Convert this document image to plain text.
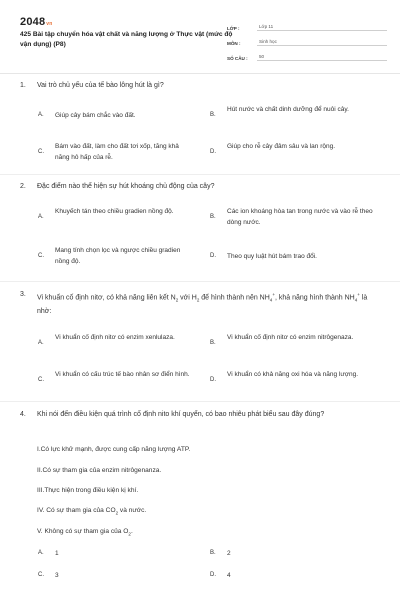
2048vn
425 Bài tập chuyển hóa vật chất và năng lượng ở Thực vật (mức độ vận dụng) (P8)
LỚP :	Lớp 11
MÔN :	Sinh học
SỐ CÂU :	50
1.	Vai trò chủ yếu của tế bào lông hút là gì?
A.	Giúp cây bám chắc vào đất.	B.
Hút nước và chất dinh dưỡng để nuôi cây.
C.
Bám vào đất, làm cho đất tơi xốp, tăng khả năng hô hấp của rễ.
D.
Giúp cho rễ cây đâm sâu và lan rộng.
2.	Đặc điểm nào thể hiện sự hút khoáng chủ động của cây?
A.
Khuyếch tán theo chiều gradien nồng độ.
B.
Các ion khoáng hòa tan trong nước và vào rễ theo dòng nước.
C.
Mang tính chọn lọc và ngược chiều gradien nồng độ.
D.	Theo quy luật hút bám trao đổi.
3.	Vi khuẩn cố định nitơ, có khả năng liên kết $N_2$ với $H_2$ để hình thành nên $NH_4^+$, khả năng hình thành $NH_4^+$ là nhờ:
A.
Vi khuẩn cố định nitơ có enzim xenlulaza.
B.
Vi khuẩn cố định nitơ có enzim nitrôgenaza.
C.
Vi khuẩn có cấu trúc tế bào nhân sơ điển hình.
D.
Vi khuẩn có khả năng oxi hóa và năng lượng.
4.	Khi nói đến điều kiện quá trình cố định nito khí quyển, có bao nhiêu phát biểu sau đây đúng?
I.Có lực khử mạnh, được cung cấp năng lượng ATP.
II.Có sự tham gia của enzim nitrôgenanza.
III.Thực hiện trong điều kiện kị khí.
IV. Có sự tham gia của $CO_2$ và nước.
V. Không có sự tham gia của $O_2$.
A.	1	B.	2
C.	3	D.	4
